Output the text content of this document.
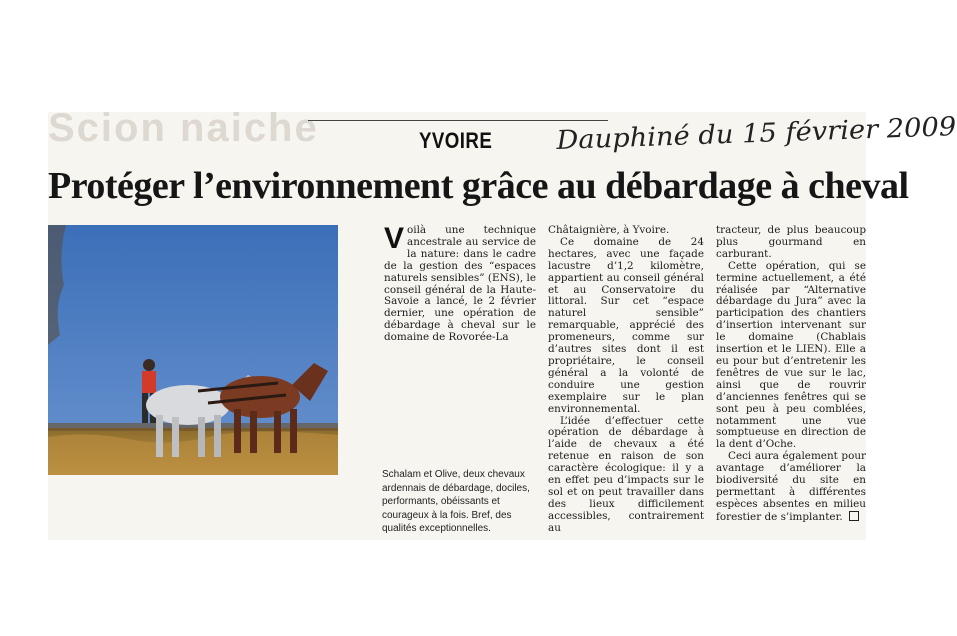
Scion naiche	YVOIRE Dauphiné du 15 février 2009
Protéger l’environnement grâce au débardage à cheval
Schalam et Olive, deux chevaux ardennais de débardage, dociles, performants, obéissants et courageux à la fois. Bref, des qualités exceptionnelles.
V oilà une technique ancestrale au service de la nature: dans le cadre de la gestion des “espaces naturels sensibles” (ENS), le conseil général de la Haute-Savoie a lancé, le 2 février dernier, une opération de débardage à cheval sur le domaine de Rovorée-La

Châtaignière, à Yvoire.

Ce domaine de 24 hectares, avec une façade lacustre d’1,2 kilomètre, appartient au conseil général et au Conservatoire du littoral. Sur cet “espace naturel sensible” remarquable, apprécié des promeneurs, comme sur d’autres sites dont il est propriétaire, le conseil général a la volonté de conduire une gestion exemplaire sur le plan environnemental.

L’idée d’effectuer cette opération de débardage à l’aide de chevaux a été retenue en raison de son caractère écologique: il y a en effet peu d’impacts sur le sol et on peut travailler dans des lieux difficilement accessibles, contrairement au

tracteur, de plus beaucoup plus gourmand en carburant.

Cette opération, qui se termine actuellement, a été réalisée par “Alternative débardage du Jura” avec la participation des chantiers d’insertion intervenant sur le domaine (Chablais insertion et le LIEN). Elle a eu pour but d’entretenir les fenêtres de vue sur le lac, ainsi que de rouvrir d’anciennes fenêtres qui se sont peu à peu comblées, notamment une vue somptueuse en direction de la dent d’Oche.

Ceci aura également pour avantage d’améliorer la biodiversité du site en permettant à différentes espèces absentes en milieu forestier de s’implanter.
